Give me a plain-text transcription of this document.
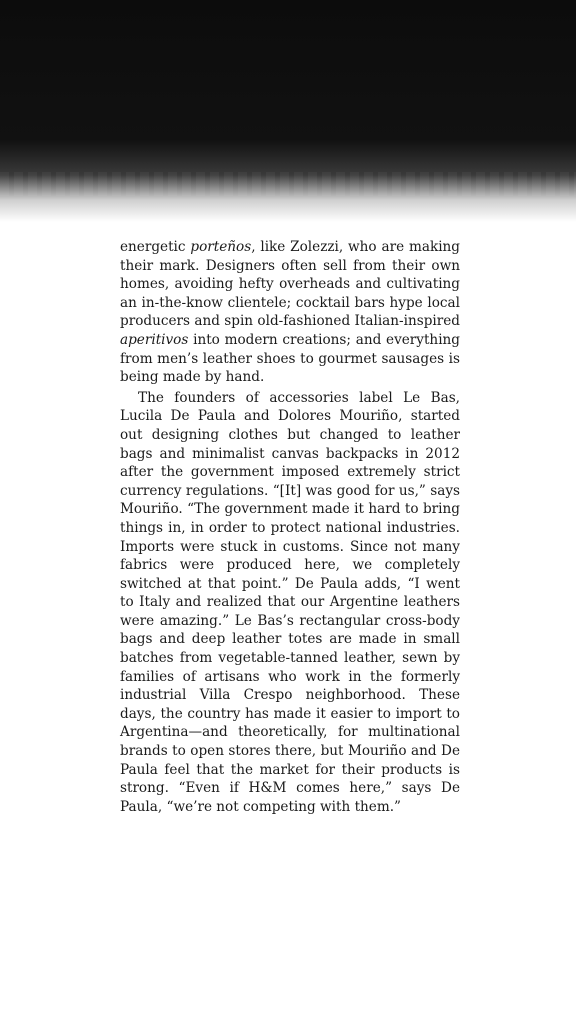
energetic porteños, like Zolezzi, who are making their mark. Designers often sell from their own homes, avoiding hefty overheads and cultivating an in-the-know clientele; cocktail bars hype local producers and spin old-fashioned Italian-inspired aperitivos into modern creations; and everything from men’s leather shoes to gourmet sausages is being made by hand.

The founders of accessories label Le Bas, Lucila De Paula and Dolores Mouriño, started out designing clothes but changed to leather bags and minimalist canvas backpacks in 2012 after the government imposed extremely strict currency regulations. “[It] was good for us,” says Mouriño. “The government made it hard to bring things in, in order to protect national industries. Imports were stuck in customs. Since not many fabrics were produced here, we completely switched at that point.” De Paula adds, “I went to Italy and realized that our Argentine leathers were amazing.” Le Bas’s rectangular cross-body bags and deep leather totes are made in small batches from vegetable-tanned leather, sewn by families of artisans who work in the formerly industrial Villa Crespo neighborhood. These days, the country has made it easier to import to Argentina—and theoretically, for multinational brands to open stores there, but Mouriño and De Paula feel that the market for their products is strong. “Even if H&M comes here,” says De Paula, “we’re not competing with them.”
